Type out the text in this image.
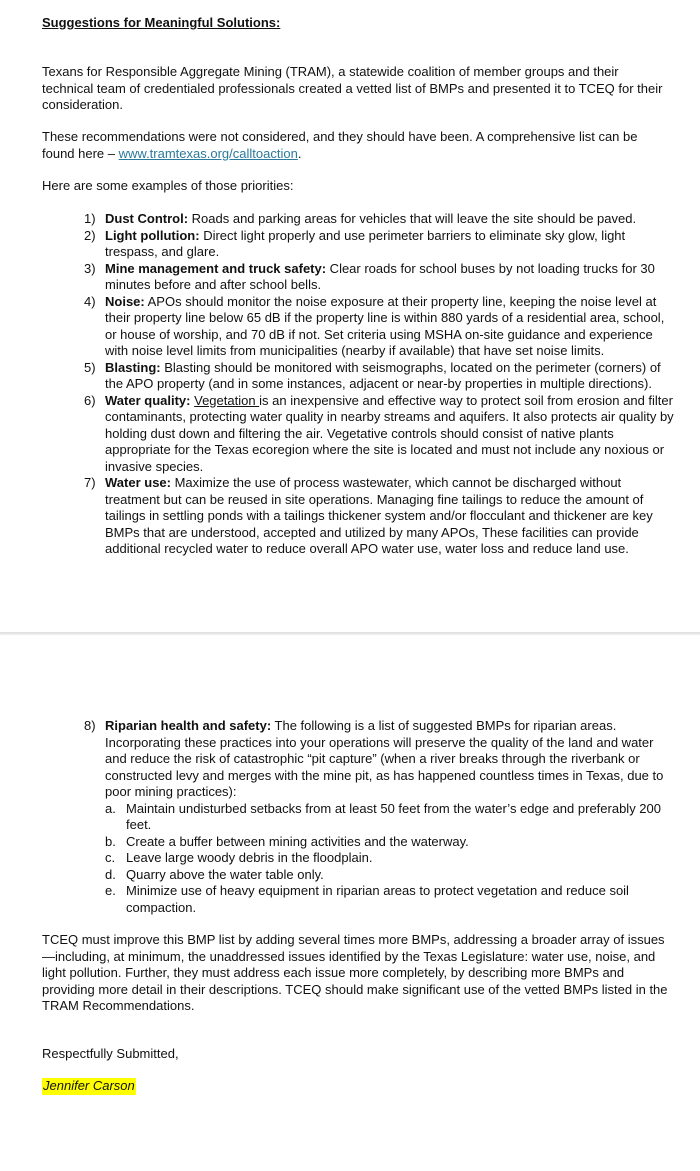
Suggestions for Meaningful Solutions:

Texans for Responsible Aggregate Mining (TRAM), a statewide coalition of member groups and their technical team of credentialed professionals created a vetted list of BMPs and presented it to TCEQ for their consideration.

These recommendations were not considered, and they should have been. A comprehensive list can be found here – www.tramtexas.org/calltoaction.

Here are some examples of those priorities:

1) Dust Control: Roads and parking areas for vehicles that will leave the site should be paved.
2) Light pollution: Direct light properly and use perimeter barriers to eliminate sky glow, light trespass, and glare.
3) Mine management and truck safety: Clear roads for school buses by not loading trucks for 30 minutes before and after school bells.
4) Noise: APOs should monitor the noise exposure at their property line, keeping the noise level at their property line below 65 dB if the property line is within 880 yards of a residential area, school, or house of worship, and 70 dB if not. Set criteria using MSHA on-site guidance and experience with noise level limits from municipalities (nearby if available) that have set noise limits.
5) Blasting: Blasting should be monitored with seismographs, located on the perimeter (corners) of the APO property (and in some instances, adjacent or near-by properties in multiple directions).
6) Water quality: Vegetation is an inexpensive and effective way to protect soil from erosion and filter contaminants, protecting water quality in nearby streams and aquifers. It also protects air quality by holding dust down and filtering the air. Vegetative controls should consist of native plants appropriate for the Texas ecoregion where the site is located and must not include any noxious or invasive species.
7) Water use: Maximize the use of process wastewater, which cannot be discharged without treatment but can be reused in site operations. Managing fine tailings to reduce the amount of tailings in settling ponds with a tailings thickener system and/or flocculant and thickener are key BMPs that are understood, accepted and utilized by many APOs, These facilities can provide additional recycled water to reduce overall APO water use, water loss and reduce land use.
8) Riparian health and safety: The following is a list of suggested BMPs for riparian areas. Incorporating these practices into your operations will preserve the quality of the land and water and reduce the risk of catastrophic “pit capture” (when a river breaks through the riverbank or constructed levy and merges with the mine pit, as has happened countless times in Texas, due to poor mining practices):
a. Maintain undisturbed setbacks from at least 50 feet from the water’s edge and preferably 200 feet.
b. Create a buffer between mining activities and the waterway.
c. Leave large woody debris in the floodplain.
d. Quarry above the water table only.
e. Minimize use of heavy equipment in riparian areas to protect vegetation and reduce soil compaction.

TCEQ must improve this BMP list by adding several times more BMPs, addressing a broader array of issues—including, at minimum, the unaddressed issues identified by the Texas Legislature: water use, noise, and light pollution. Further, they must address each issue more completely, by describing more BMPs and providing more detail in their descriptions. TCEQ should make significant use of the vetted BMPs listed in the TRAM Recommendations.

Respectfully Submitted,

Jennifer Carson
